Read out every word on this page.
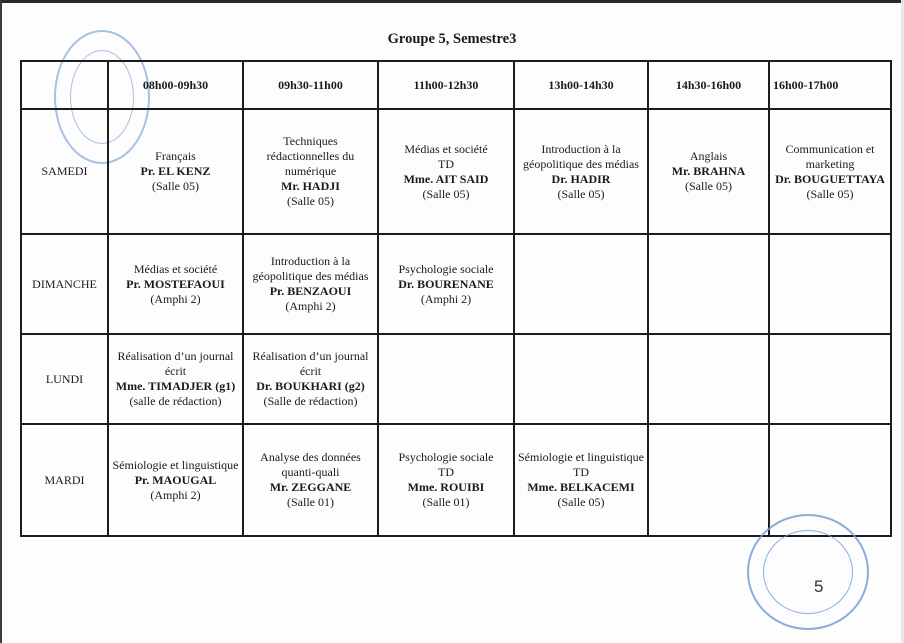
Groupe 5, Semestre3
	08h00-09h30	09h30-11h00	11h00-12h30	13h00-14h30	14h30-16h00	16h00-17h00
SAMEDI	Français
Pr. EL KENZ
(Salle 05)	Techniques rédactionnelles du numérique
Mr. HADJI
(Salle 05)	Médias et société
TD
Mme. AIT SAID
(Salle 05)	Introduction à la géopolitique des médias
Dr. HADIR
(Salle 05)	Anglais
Mr. BRAHNA
(Salle 05)	Communication et marketing
Dr. BOUGUETTAYA
(Salle 05)

DIMANCHE	Médias et société
Pr. MOSTEFAOUI
(Amphi 2)	Introduction à la géopolitique des médias
Pr. BENZAOUI
(Amphi 2)	Psychologie sociale
Dr. BOURENANE
(Amphi 2)			

LUNDI	Réalisation d’un journal écrit
Mme. TIMADJER (g1)
(salle de rédaction)	Réalisation d’un journal écrit
Dr. BOUKHARI (g2)
(Salle de rédaction)				

MARDI	Sémiologie et linguistique
Pr. MAOUGAL
(Amphi 2)	Analyse des données quanti-quali
Mr. ZEGGANE
(Salle 01)	Psychologie sociale
TD
Mme. ROUIBI
(Salle 01)	Sémiologie et linguistique
TD
Mme. BELKACEMI
(Salle 05)		

5
